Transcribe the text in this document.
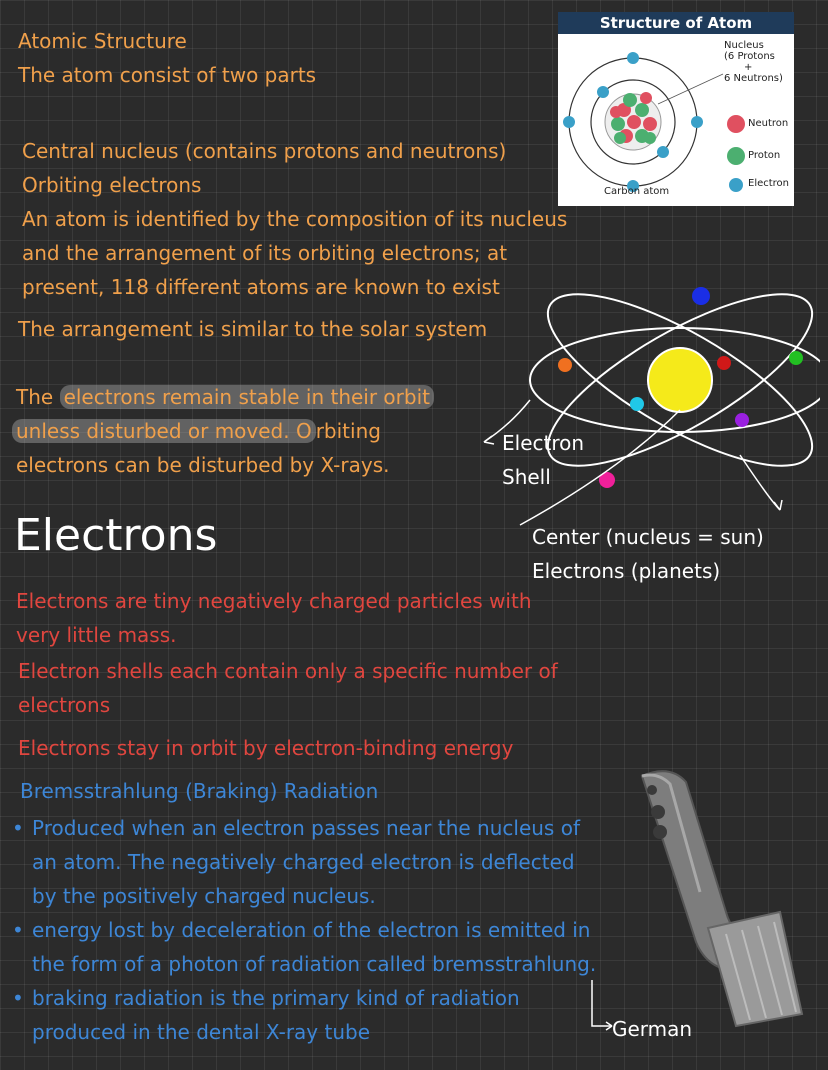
Atomic Structure
The atom consist of two parts
Central nucleus (contains protons and neutrons)
Orbiting electrons
An atom is identified by the composition of its nucleus
and the arrangement of its orbiting electrons; at
present, 118 different atoms are known to exist
The arrangement is similar to the solar system
The electrons remain stable in their orbit
unless disturbed or moved. O rbiting
electrons can be disturbed by X-rays.
Structure of Atom
Nucleus
(6 Protons
+
6 Neutrons)
Neutron
Proton
Electron
Carbon atom
Electron
Shell
Center (nucleus = sun)
Electrons (planets)
Electrons
Electrons are tiny negatively charged particles with
very little mass.
Electron shells each contain only a specific number of
electrons
Electrons stay in orbit by electron-binding energy
Bremsstrahlung (Braking) Radiation
• Produced when an electron passes near the nucleus of
an atom. The negatively charged electron is deflected
by the positively charged nucleus.
• energy lost by deceleration of the electron is emitted in
the form of a photon of radiation called bremsstrahlung.
• braking radiation is the primary kind of radiation
produced in the dental X-ray tube	German
